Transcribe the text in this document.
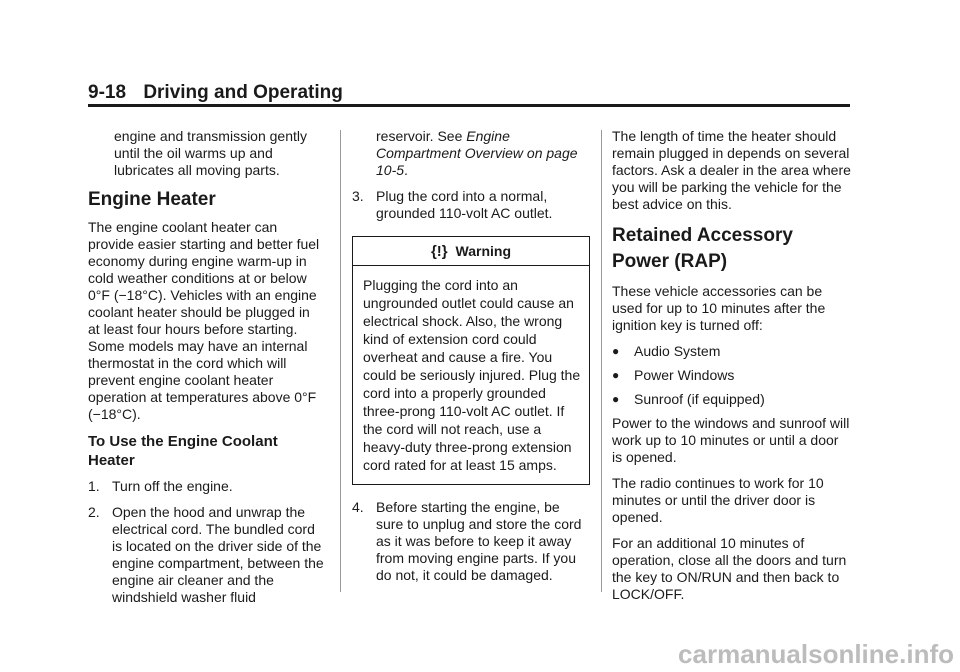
9-18 Driving and Operating

engine and transmission gently until the oil warms up and lubricates all moving parts.

Engine Heater

The engine coolant heater can provide easier starting and better fuel economy during engine warm-up in cold weather conditions at or below 0°F (−18°C). Vehicles with an engine coolant heater should be plugged in at least four hours before starting. Some models may have an internal thermostat in the cord which will prevent engine coolant heater operation at temperatures above 0°F (−18°C).

To Use the Engine Coolant Heater
1. Turn off the engine.
2. Open the hood and unwrap the electrical cord. The bundled cord is located on the driver side of the engine compartment, between the engine air cleaner and the windshield washer fluid

reservoir. See Engine Compartment Overview on page 10-5.

3. Plug the cord into a normal, grounded 110-volt AC outlet.
{!} Warning
Plugging the cord into an ungrounded outlet could cause an electrical shock. Also, the wrong kind of extension cord could overheat and cause a fire. You could be seriously injured. Plug the cord into a properly grounded three-prong 110-volt AC outlet. If the cord will not reach, use a heavy-duty three-prong extension cord rated for at least 15 amps.
4. Before starting the engine, be sure to unplug and store the cord as it was before to keep it away from moving engine parts. If you do not, it could be damaged.

The length of time the heater should remain plugged in depends on several factors. Ask a dealer in the area where you will be parking the vehicle for the best advice on this.

Retained Accessory Power (RAP)

These vehicle accessories can be used for up to 10 minutes after the ignition key is turned off:

●	Audio System
●	Power Windows
●	Sunroof (if equipped)

Power to the windows and sunroof will work up to 10 minutes or until a door is opened.

The radio continues to work for 10 minutes or until the driver door is opened.

For an additional 10 minutes of operation, close all the doors and turn the key to ON/RUN and then back to LOCK/OFF.

carmanualsonline.info
